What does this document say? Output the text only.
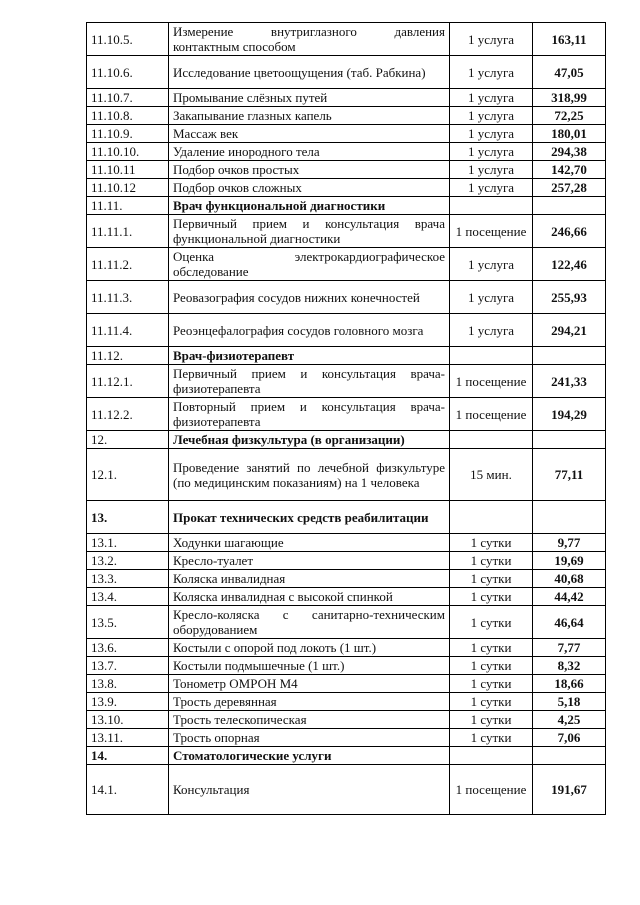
11.10.5.	Измерение внутриглазного давления контактным способом	1 услуга	163,11
11.10.6.	Исследование цветоощущения (таб. Рабкина)	1 услуга	47,05
11.10.7.	Промывание слёзных путей	1 услуга	318,99
11.10.8.	Закапывание глазных капель	1 услуга	72,25
11.10.9.	Массаж век	1 услуга	180,01
11.10.10.	Удаление инородного тела	1 услуга	294,38
11.10.11	Подбор очков простых	1 услуга	142,70
11.10.12	Подбор очков сложных	1 услуга	257,28
11.11.	Врач функциональной диагностики		
11.11.1.	Первичный прием и консультация врача функциональной диагностики	1 посещение	246,66
11.11.2.	Оценка электрокардиографическое обследование	1 услуга	122,46
11.11.3.	Реовазография сосудов нижних конечностей	1 услуга	255,93
11.11.4.	Реоэнцефалография сосудов головного мозга	1 услуга	294,21
11.12.	Врач-физиотерапевт		
11.12.1.	Первичный прием и консультация врача-физиотерапевта	1 посещение	241,33
11.12.2.	Повторный прием и консультация врача-физиотерапевта	1 посещение	194,29
12.	Лечебная физкультура (в организации)		
12.1.	Проведение занятий по лечебной физкультуре (по медицинским показаниям) на 1 человека	15 мин.	77,11
13.	Прокат технических средств реабилитации		
13.1.	Ходунки шагающие	1 сутки	9,77
13.2.	Кресло-туалет	1 сутки	19,69
13.3.	Коляска инвалидная	1 сутки	40,68
13.4.	Коляска инвалидная с высокой спинкой	1 сутки	44,42
13.5.	Кресло-коляска с санитарно-техническим оборудованием	1 сутки	46,64
13.6.	Костыли с опорой под локоть (1 шт.)	1 сутки	7,77
13.7.	Костыли подмышечные (1 шт.)	1 сутки	8,32
13.8.	Тонометр ОМРОН М4	1 сутки	18,66
13.9.	Трость деревянная	1 сутки	5,18
13.10.	Трость телескопическая	1 сутки	4,25
13.11.	Трость опорная	1 сутки	7,06
14.	Стоматологические услуги		
14.1.	Консультация	1 посещение	191,67
